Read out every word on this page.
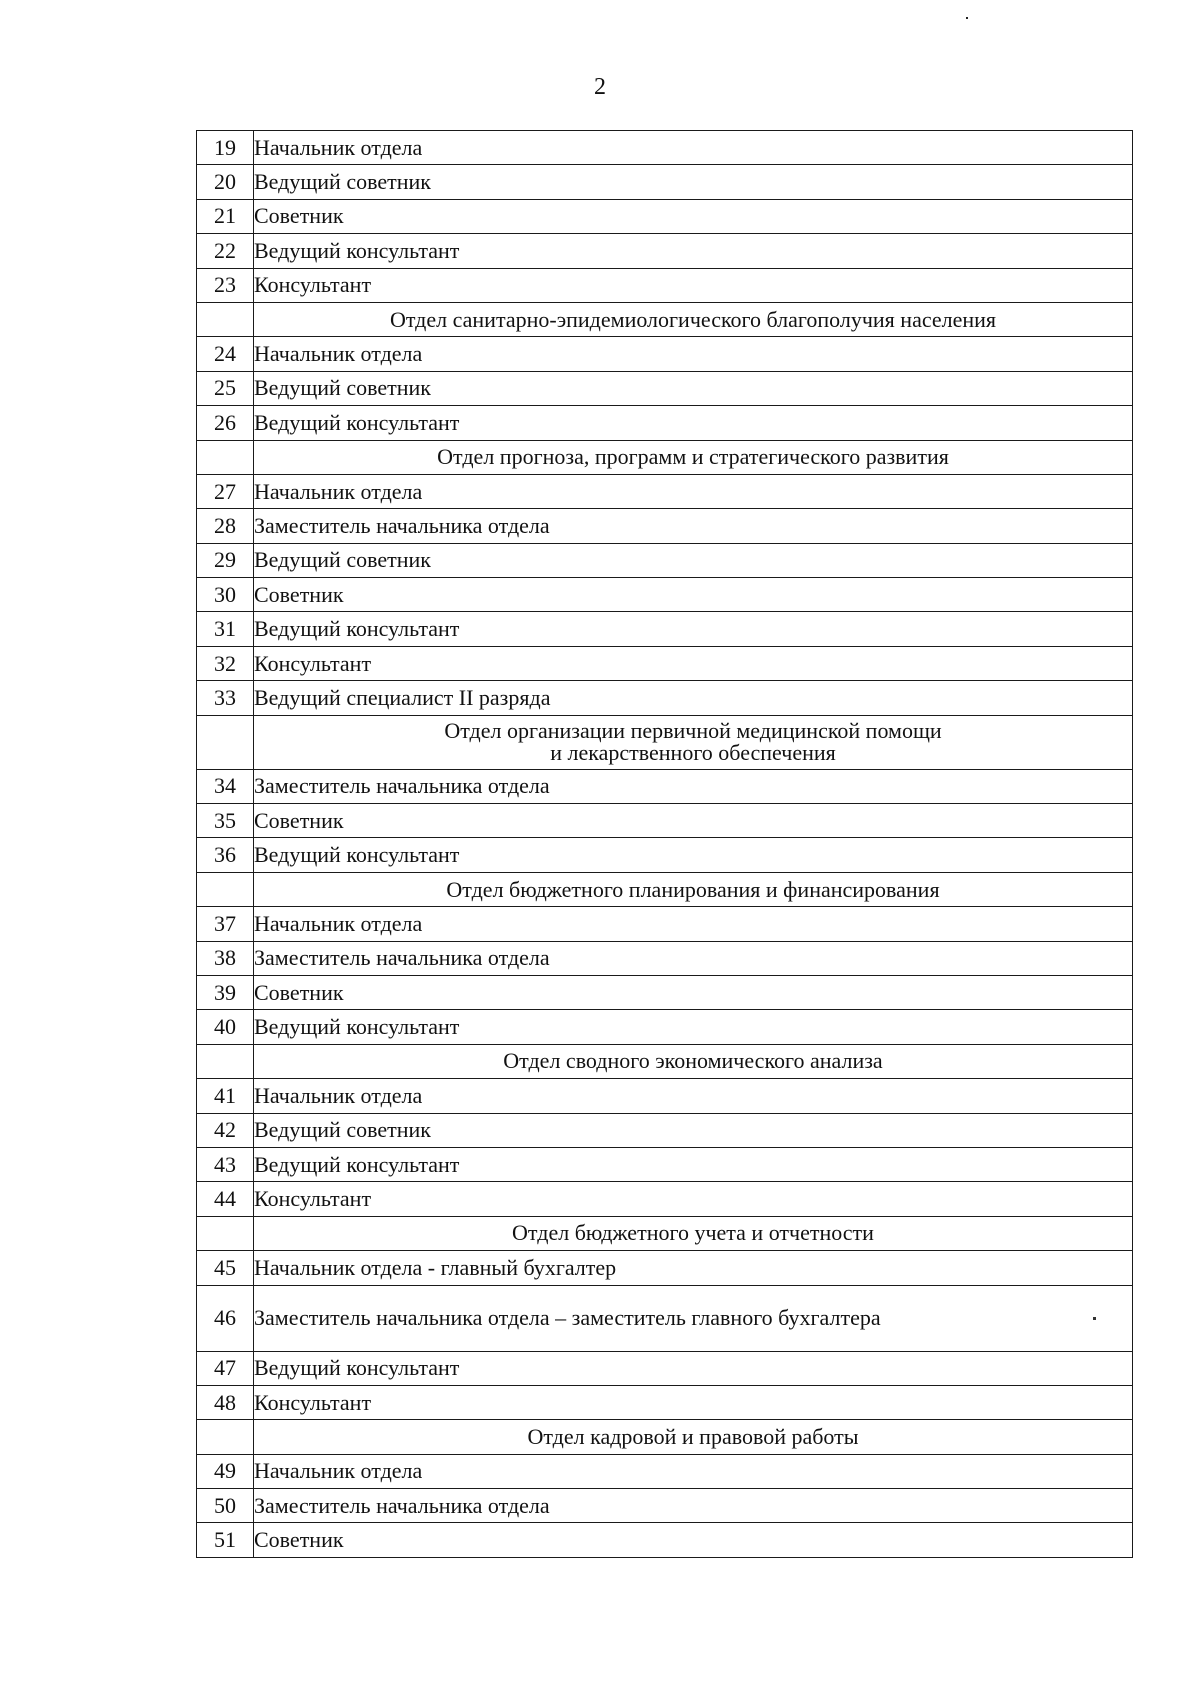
2
19	Начальник отдела
20	Ведущий советник
21	Советник
22	Ведущий консультант
23	Консультант

	Отдел санитарно-эпидемиологического благополучия населения

24	Начальник отдела
25	Ведущий советник
26	Ведущий консультант

	Отдел прогноза, программ и стратегического развития

27	Начальник отдела
28	Заместитель начальника отдела
29	Ведущий советник
30	Советник
31	Ведущий консультант
32	Консультант
33	Ведущий специалист II разряда

	Отдел организации первичной медицинской помощи
и лекарственного обеспечения

34	Заместитель начальника отдела
35	Советник
36	Ведущий консультант

	Отдел бюджетного планирования и финансирования

37	Начальник отдела
38	Заместитель начальника отдела
39	Советник
40	Ведущий консультант

	Отдел сводного экономического анализа

41	Начальник отдела
42	Ведущий советник
43	Ведущий консультант
44	Консультант

	Отдел бюджетного учета и отчетности

45	Начальник отдела - главный бухгалтер
46	Заместитель начальника отдела – заместитель главного бухгалтера

47	Ведущий консультант
48	Консультант

	Отдел кадровой и правовой работы

49	Начальник отдела
50	Заместитель начальника отдела
51	Советник
